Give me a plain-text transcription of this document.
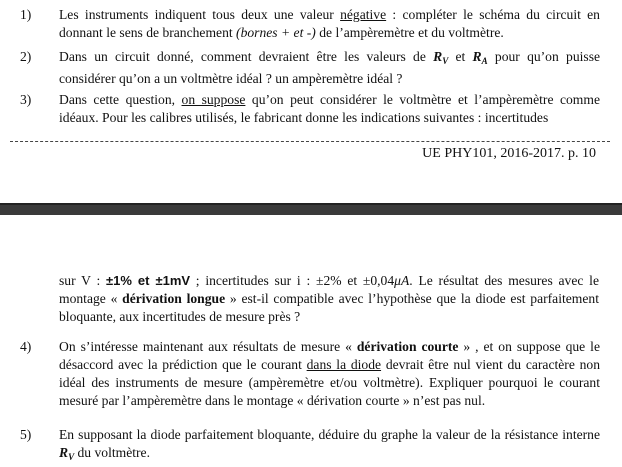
1)	Les instruments indiquent tous deux une valeur négative : compléter le schéma du circuit en donnant le sens de branchement (bornes + et -) de l’ampèremètre et du voltmètre.
2)	Dans un circuit donné, comment devraient être les valeurs de $R_V$ et $R_A$ pour qu’on puisse considérer qu’on a un voltmètre idéal ? un ampèremètre idéal ?
3)	Dans cette question, on suppose qu’on peut considérer le voltmètre et l’ampèremètre comme idéaux. Pour les calibres utilisés, le fabricant donne les indications suivantes : incertitudes
UE PHY101, 2016-2017. p. 10
sur V : ±1% et ±1mV ; incertitudes sur i : ±2% et ±0,04μA. Le résultat des mesures avec le montage « dérivation longue » est-il compatible avec l’hypothèse que la diode est parfaitement bloquante, aux incertitudes de mesure près ?
4)	On s’intéresse maintenant aux résultats de mesure « dérivation courte » , et on suppose que le désaccord avec la prédiction que le courant dans la diode devrait être nul vient du caractère non idéal des instruments de mesure (ampèremètre et/ou voltmètre). Expliquer pourquoi le courant mesuré par l’ampèremètre dans le montage « dérivation courte » n’est pas nul.
5)	En supposant la diode parfaitement bloquante, déduire du graphe la valeur de la résistance interne $R_V$ du voltmètre.
